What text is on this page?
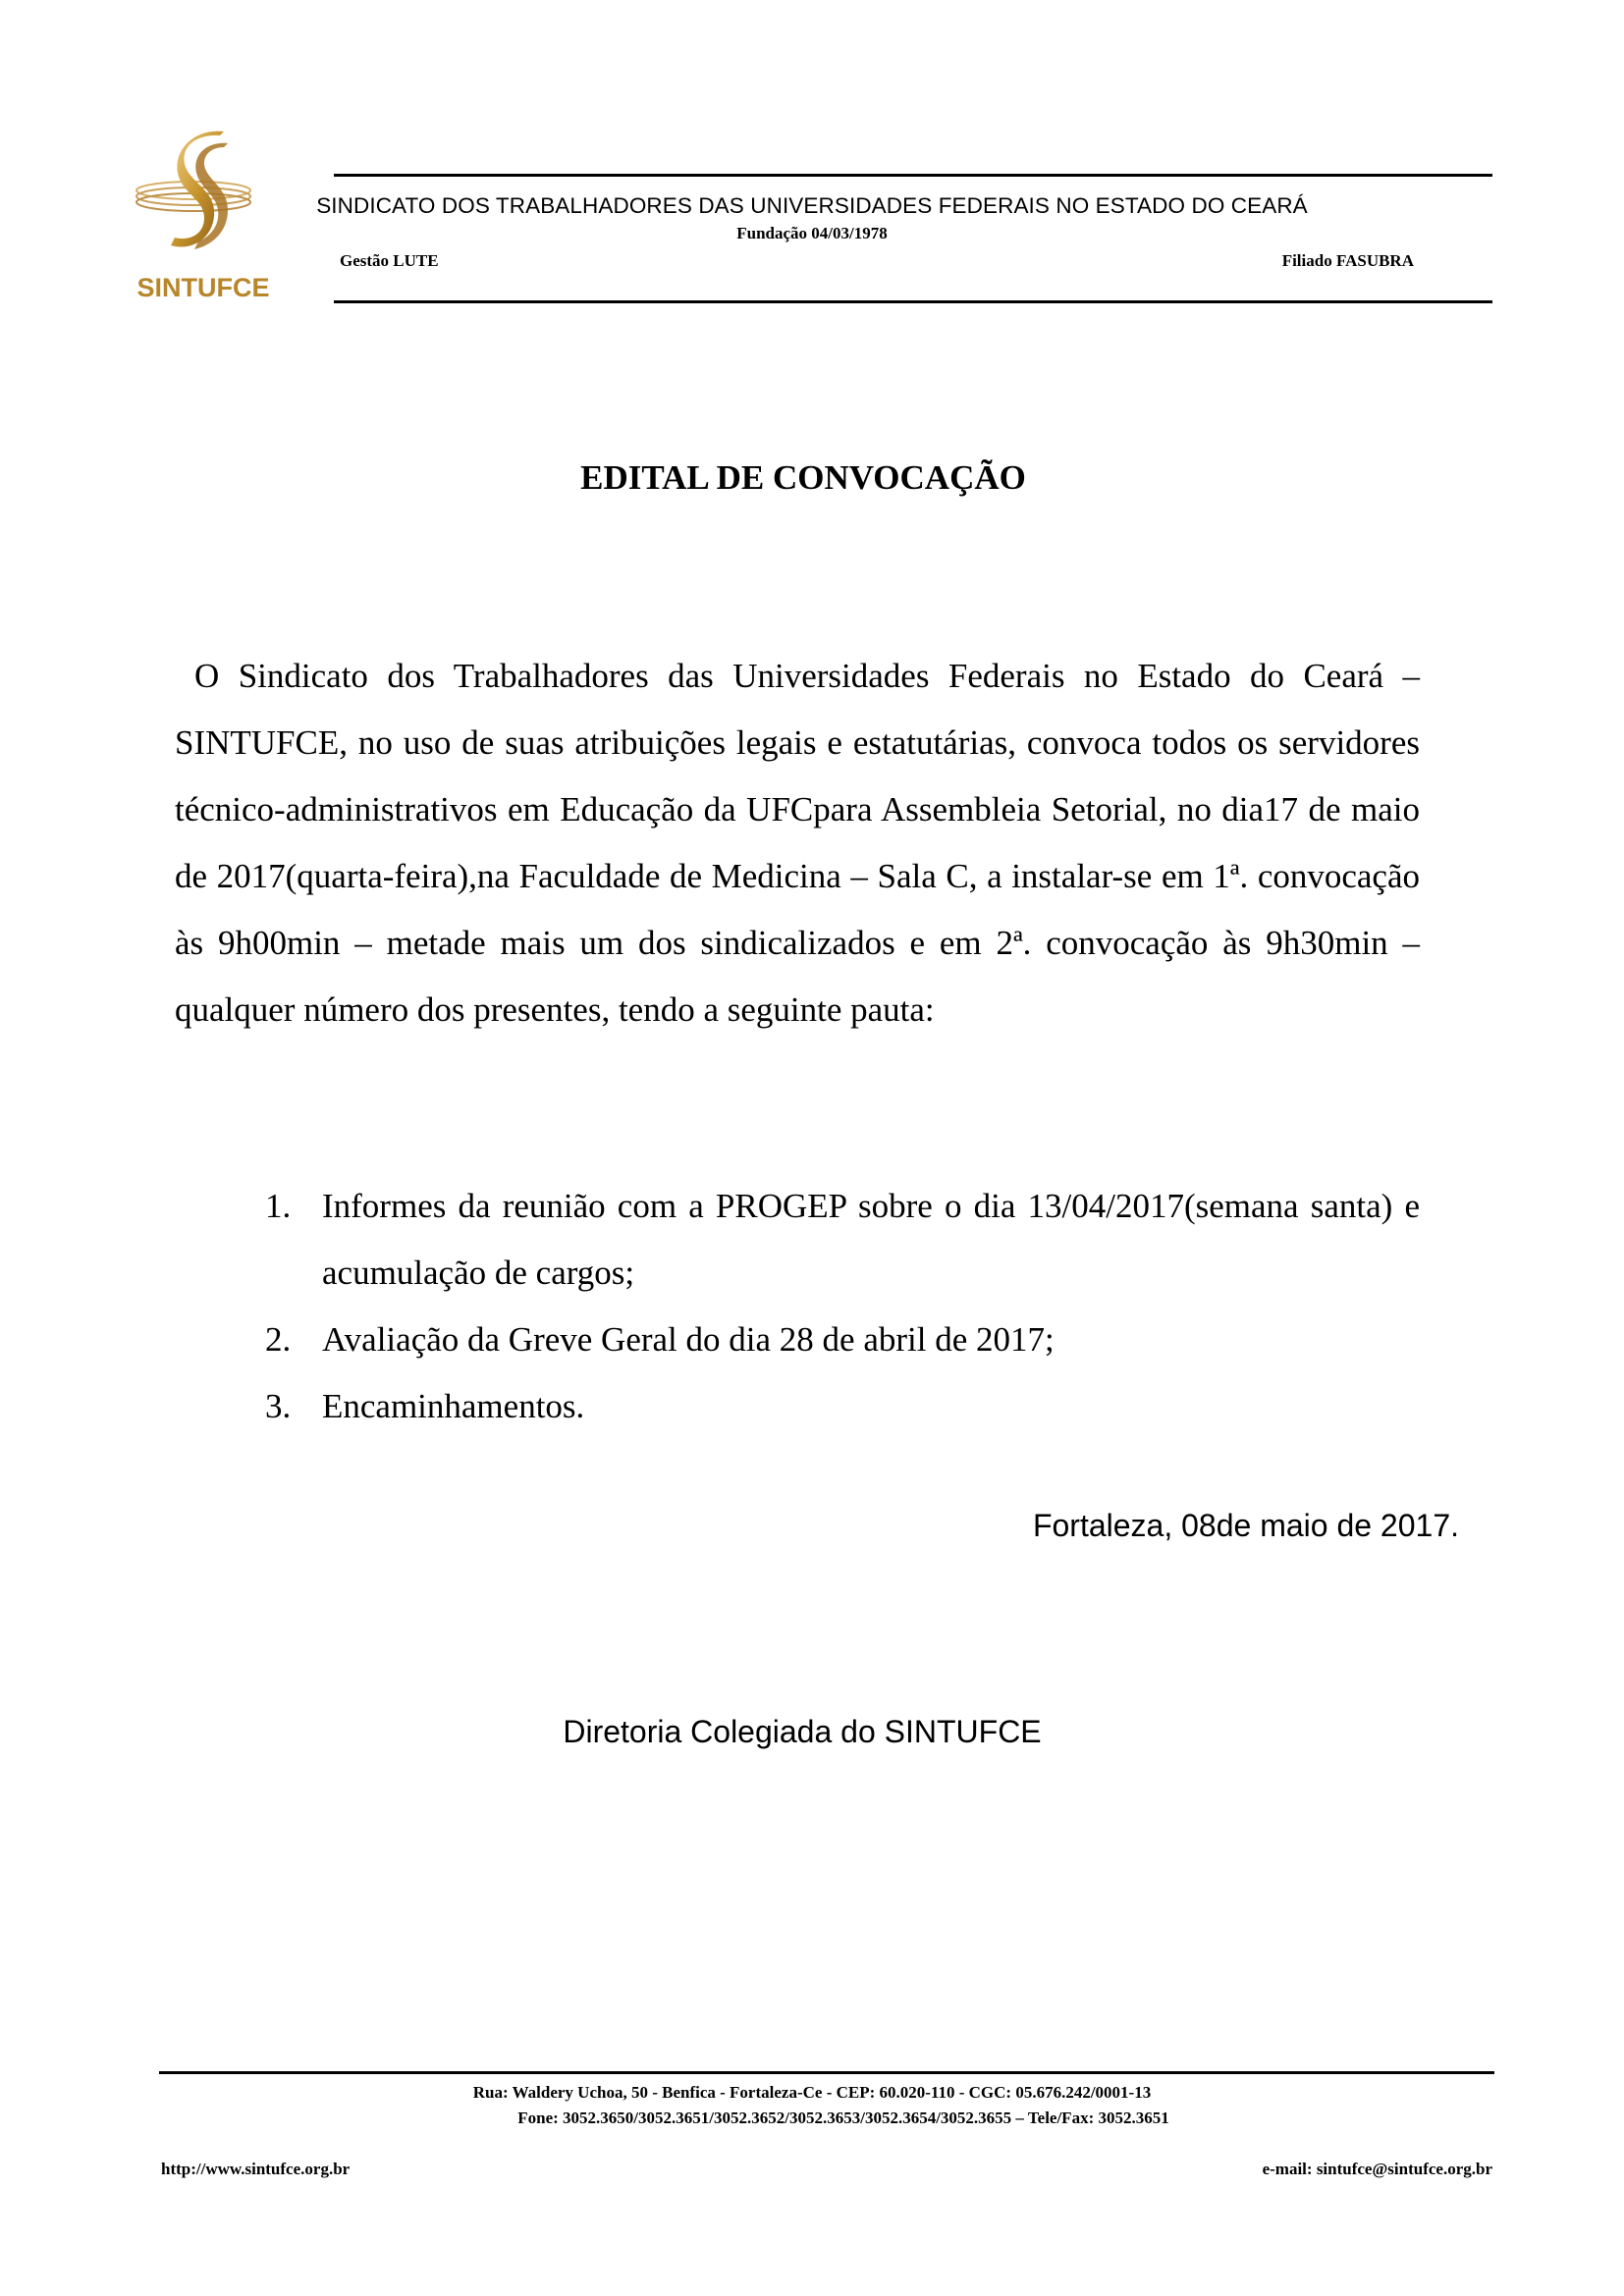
SINTUFCE
SINDICATO DOS TRABALHADORES DAS UNIVERSIDADES FEDERAIS NO ESTADO DO CEARÁ
Fundação 04/03/1978
Gestão LUTE	Filiado FASUBRA
EDITAL DE CONVOCAÇÃO

O Sindicato dos Trabalhadores das Universidades Federais no Estado do Ceará – SINTUFCE, no uso de suas atribuições legais e estatutárias, convoca todos os servidores técnico-administrativos em Educação da UFCpara Assembleia Setorial, no dia17 de maio de 2017(quarta-feira),na Faculdade de Medicina – Sala C, a instalar-se em 1ª. convocação às 9h00min – metade mais um dos sindicalizados e em 2ª. convocação às 9h30min – qualquer número dos presentes, tendo a seguinte pauta:

1. Informes da reunião com a PROGEP sobre o dia 13/04/2017(semana santa) e acumulação de cargos;
2. Avaliação da Greve Geral do dia 28 de abril de 2017;
3. Encaminhamentos.
Fortaleza, 08de maio de 2017.
Diretoria Colegiada do SINTUFCE
Rua: Waldery Uchoa, 50 - Benfica - Fortaleza-Ce - CEP: 60.020-110 - CGC: 05.676.242/0001-13
Fone: 3052.3650/3052.3651/3052.3652/3052.3653/3052.3654/3052.3655 – Tele/Fax: 3052.3651
http://www.sintufce.org.br	e-mail: sintufce@sintufce.org.br
